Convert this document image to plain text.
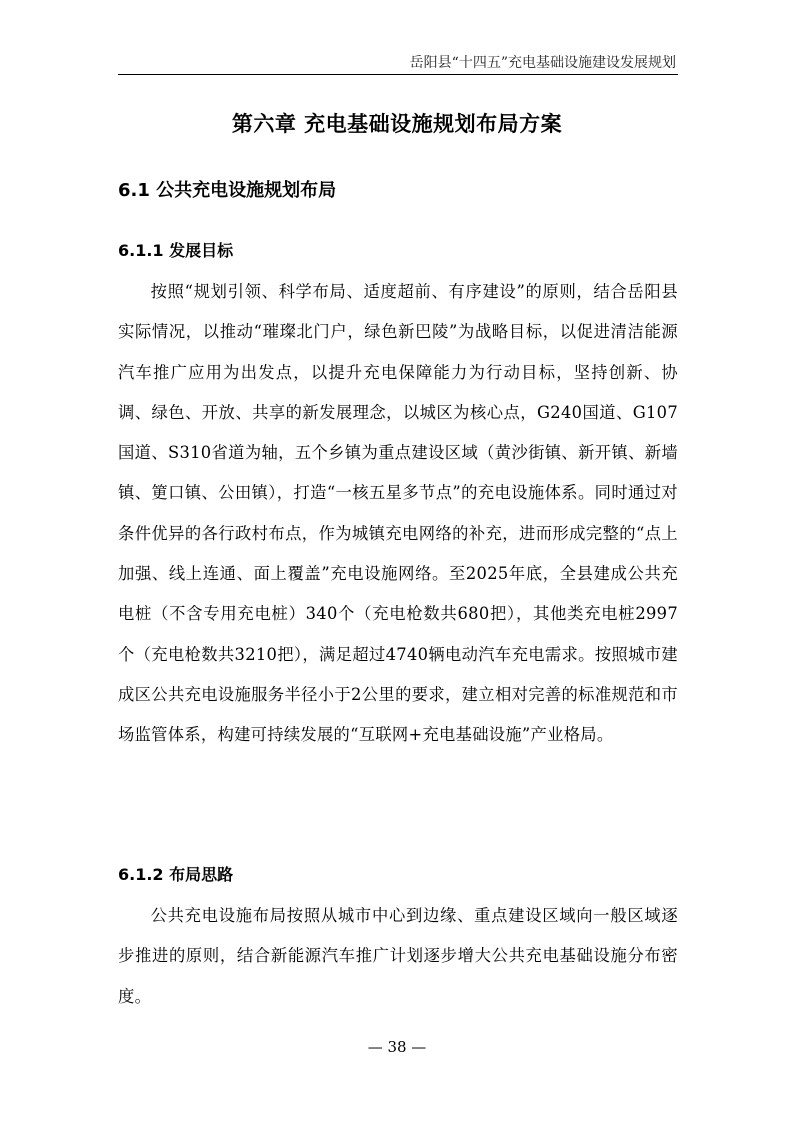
岳阳县“十四五”充电基础设施建设发展规划
第六章 充电基础设施规划布局方案
6.1 公共充电设施规划布局
6.1.1 发展目标

按照“规划引领、科学布局、适度超前、有序建设”的原则，结合岳阳县实际情况，以推动“璀璨北门户，绿色新巴陵”为战略目标，以促进清洁能源汽车推广应用为出发点，以提升充电保障能力为行动目标，坚持创新、协调、绿色、开放、共享的新发展理念，以城区为核心点，G240国道、G107国道、S310省道为轴，五个乡镇为重点建设区域（黄沙街镇、新开镇、新墙镇、筻口镇、公田镇），打造“一核五星多节点”的充电设施体系。同时通过对条件优异的各行政村布点，作为城镇充电网络的补充，进而形成完整的“点上加强、线上连通、面上覆盖”充电设施网络。至2025年底，全县建成公共充电桩（不含专用充电桩）340个（充电枪数共680把），其他类充电桩2997个（充电枪数共3210把），满足超过4740辆电动汽车充电需求。按照城市建成区公共充电设施服务半径小于2公里的要求，建立相对完善的标准规范和市场监管体系，构建可持续发展的“互联网+充电基础设施”产业格局。

6.1.2 布局思路

公共充电设施布局按照从城市中心到边缘、重点建设区域向一般区域逐步推进的原则，结合新能源汽车推广计划逐步增大公共充电基础设施分布密度。

— 38 —
